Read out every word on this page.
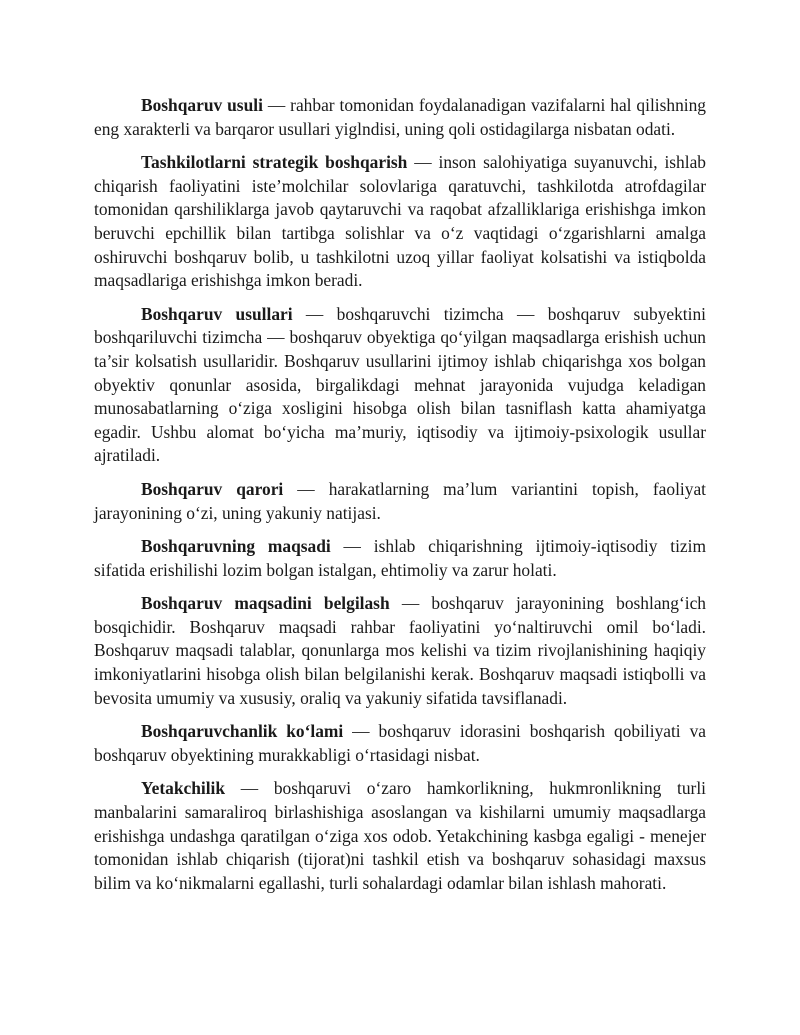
Boshqaruv usuli — rahbar tomonidan foydalanadigan vazifalarni hal qilishning eng xarakterli va barqaror usullari yiglndisi, uning qoli ostidagilarga nisbatan odati.

Tashkilotlarni strategik boshqarish — inson salohiyatiga suyanuvchi, ishlab chiqarish faoliyatini iste’molchilar solovlariga qaratuvchi, tashkilotda atrofdagilar tomonidan qarshiliklarga javob qaytaruvchi va raqobat afzalliklariga erishishga imkon beruvchi epchillik bilan tartibga solishlar va o‘z vaqtidagi o‘zgarishlarni amalga oshiruvchi boshqaruv bolib, u tashkilotni uzoq yillar faoliyat kolsatishi va istiqbolda maqsadlariga erishishga imkon beradi.

Boshqaruv usullari — boshqaruvchi tizimcha — boshqaruv subyektini boshqariluvchi tizimcha — boshqaruv obyektiga qo‘yilgan maqsadlarga erishish uchun ta’sir kolsatish usullaridir. Boshqaruv usullarini ijtimoy ishlab chiqarishga xos bolgan obyektiv qonunlar asosida, birgalikdagi mehnat jarayonida vujudga keladigan munosabatlarning o‘ziga xosligini hisobga olish bilan tasniflash katta ahamiyatga egadir. Ushbu alomat bo‘yicha ma’muriy, iqtisodiy va ijtimoiy-psixologik usullar ajratiladi.

Boshqaruv qarori — harakatlarning ma’lum variantini topish, faoliyat jarayonining o‘zi, uning yakuniy natijasi.

Boshqaruvning maqsadi — ishlab chiqarishning ijtimoiy-iqtisodiy tizim sifatida erishilishi lozim bolgan istalgan, ehtimoliy va zarur holati.

Boshqaruv maqsadini belgilash — boshqaruv jarayonining boshlang‘ich bosqichidir. Boshqaruv maqsadi rahbar faoliyatini yo‘naltiruvchi omil bo‘ladi. Boshqaruv maqsadi talablar, qonunlarga mos kelishi va tizim rivojlanishining haqiqiy imkoniyatlarini hisobga olish bilan belgilanishi kerak. Boshqaruv maqsadi istiqbolli va bevosita umumiy va xususiy, oraliq va yakuniy sifatida tavsiflanadi.

Boshqaruvchanlik ko‘lami — boshqaruv idorasini boshqarish qobiliyati va boshqaruv obyektining murakkabligi o‘rtasidagi nisbat.

Yetakchilik — boshqaruvi o‘zaro hamkorlikning, hukmronlikning turli manbalarini samaraliroq birlashishiga asoslangan va kishilarni umumiy maqsadlarga erishishga undashga qaratilgan o‘ziga xos odob. Yetakchining kasbga egaligi - menejer tomonidan ishlab chiqarish (tijorat)ni tashkil etish va boshqaruv sohasidagi maxsus bilim va ko‘nikmalarni egallashi, turli sohalardagi odamlar bilan ishlash mahorati.
